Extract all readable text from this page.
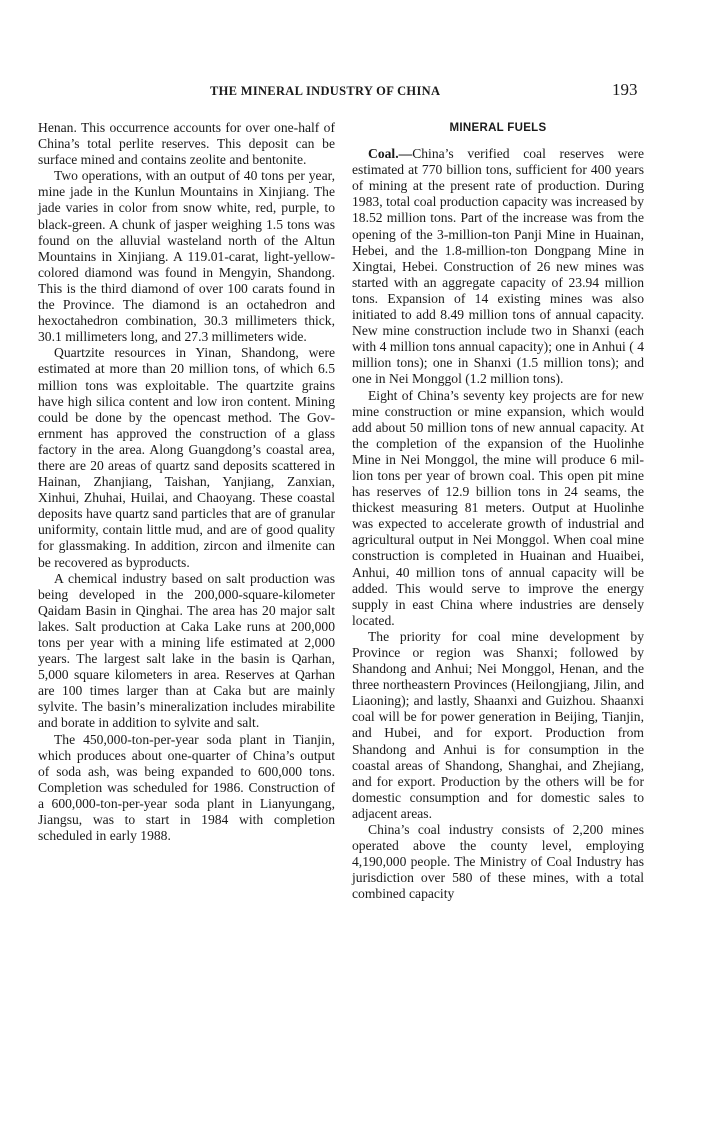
THE MINERAL INDUSTRY OF CHINA	193

Henan. This occurrence accounts for over one-half of China’s total perlite reserves. This deposit can be surface mined and contains zeolite and bentonite.

Two operations, with an output of 40 tons per year, mine jade in the Kunlun Mountains in Xinjiang. The jade varies in color from snow white, red, purple, to black-green. A chunk of jasper weighing 1.5 tons was found on the alluvial wasteland north of the Altun Mountains in Xinjiang. A 119.01-carat, light-yellow-colored diamond was found in Mengyin, Shandong. This is the third diamond of over 100 carats found in the Province. The diamond is an octahedron and hexoctahedron combination, 30.3 millimeters thick, 30.1 millimeters long, and 27.3 millimeters wide.

Quartzite resources in Yinan, Shandong, were estimated at more than 20 million tons, of which 6.5 million tons was exploitable. The quartzite grains have high silica content and low iron content. Mining could be done by the opencast method. The Government has approved the construction of a glass factory in the area. Along Guangdong’s coastal area, there are 20 areas of quartz sand deposits scattered in Hainan, Zhanjiang, Taishan, Yanjiang, Zanxian, Xinhui, Zhuhai, Huilai, and Chaoyang. These coastal deposits have quartz sand particles that are of granular uniformity, contain little mud, and are of good quality for glassmaking. In addition, zircon and ilmenite can be recovered as byproducts.

A chemical industry based on salt production was being developed in the 200,000-square-kilometer Qaidam Basin in Qinghai. The area has 20 major salt lakes. Salt production at Caka Lake runs at 200,000 tons per year with a mining life estimated at 2,000 years. The largest salt lake in the basin is Qarhan, 5,000 square kilometers in area. Reserves at Qarhan are 100 times larger than at Caka but are mainly sylvite. The basin’s mineralization includes mirabilite and borate in addition to sylvite and salt.

The 450,000-ton-per-year soda plant in Tianjin, which produces about one-quarter of China’s output of soda ash, was being expanded to 600,000 tons. Completion was scheduled for 1986. Construction of a 600,000-ton-per-year soda plant in Lianyungang, Jiangsu, was to start in 1984 with completion scheduled in early 1988.

MINERAL FUELS

Coal.—China’s verified coal reserves were estimated at 770 billion tons, sufficient for 400 years of mining at the present rate of production. During 1983, total coal production capacity was increased by 18.52 million tons. Part of the increase was from the opening of the 3-million-ton Panji Mine in Huainan, Hebei, and the 1.8-million-ton Dongpang Mine in Xingtai, Hebei. Construction of 26 new mines was started with an aggregate capacity of 23.94 million tons. Expansion of 14 existing mines was also initiated to add 8.49 million tons of annual capacity. New mine construction include two in Shanxi (each with 4 million tons annual capacity); one in Anhui ( 4 million tons); one in Shanxi (1.5 million tons); and one in Nei Monggol (1.2 million tons).

Eight of China’s seventy key projects are for new mine construction or mine expansion, which would add about 50 million tons of new annual capacity. At the completion of the expansion of the Huolinhe Mine in Nei Monggol, the mine will produce 6 million tons per year of brown coal. This open pit mine has reserves of 12.9 billion tons in 24 seams, the thickest measuring 81 meters. Output at Huolinhe was expected to accelerate growth of industrial and agricultural output in Nei Monggol. When coal mine construction is completed in Huainan and Huaibei, Anhui, 40 million tons of annual capacity will be added. This would serve to improve the energy supply in east China where industries are densely located.

The priority for coal mine development by Province or region was Shanxi; followed by Shandong and Anhui; Nei Monggol, Henan, and the three northeastern Provinces (Heilongjiang, Jilin, and Liaoning); and lastly, Shaanxi and Guizhou. Shaanxi coal will be for power generation in Beijing, Tianjin, and Hubei, and for export. Production from Shandong and Anhui is for consumption in the coastal areas of Shandong, Shanghai, and Zhejiang, and for export. Production by the others will be for domestic consumption and for domestic sales to adjacent areas.

China’s coal industry consists of 2,200 mines operated above the county level, employing 4,190,000 people. The Ministry of Coal Industry has jurisdiction over 580 of these mines, with a total combined capacity
